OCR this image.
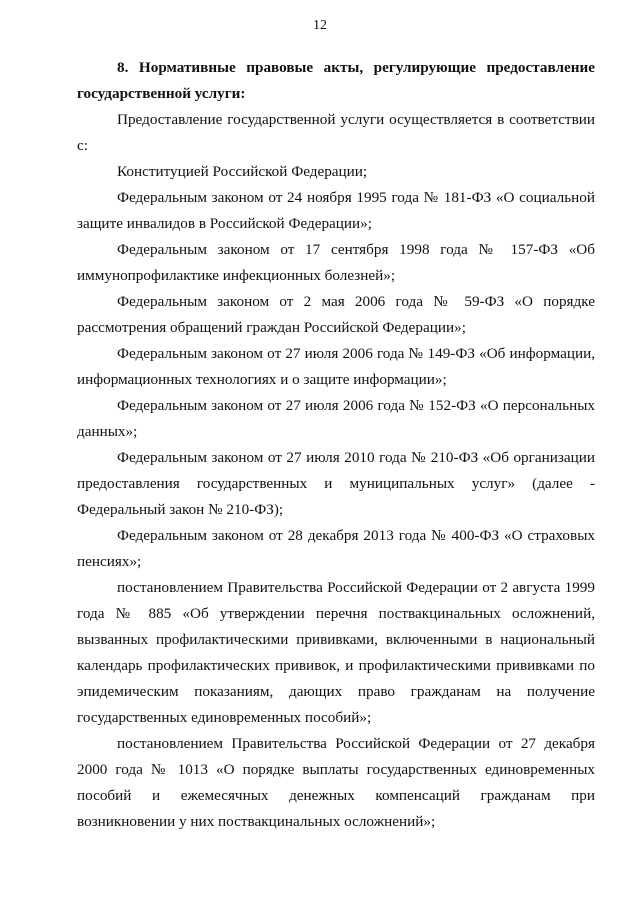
12

8. Нормативные правовые акты, регулирующие предоставление государственной услуги:

Предоставление государственной услуги осуществляется в соответствии с:

Конституцией Российской Федерации;

Федеральным законом от 24 ноября 1995 года № 181-ФЗ «О социальной защите инвалидов в Российской Федерации»;

Федеральным законом от 17 сентября 1998 года № 157-ФЗ «Об иммунопрофилактике инфекционных болезней»;

Федеральным законом от 2 мая 2006 года № 59-ФЗ «О порядке рассмотрения обращений граждан Российской Федерации»;

Федеральным законом от 27 июля 2006 года № 149-ФЗ «Об информации, информационных технологиях и о защите информации»;

Федеральным законом от 27 июля 2006 года № 152-ФЗ «О персональных данных»;

Федеральным законом от 27 июля 2010 года № 210-ФЗ «Об организации предоставления государственных и муниципальных услуг» (далее - Федеральный закон № 210-ФЗ);

Федеральным законом от 28 декабря 2013 года № 400-ФЗ «О страховых пенсиях»;

постановлением Правительства Российской Федерации от 2 августа 1999 года № 885 «Об утверждении перечня поствакцинальных осложнений, вызванных профилактическими прививками, включенными в национальный календарь профилактических прививок, и профилактическими прививками по эпидемическим показаниям, дающих право гражданам на получение государственных единовременных пособий»;

постановлением Правительства Российской Федерации от 27 декабря 2000 года № 1013 «О порядке выплаты государственных единовременных пособий и ежемесячных денежных компенсаций гражданам при возникновении у них поствакцинальных осложнений»;
